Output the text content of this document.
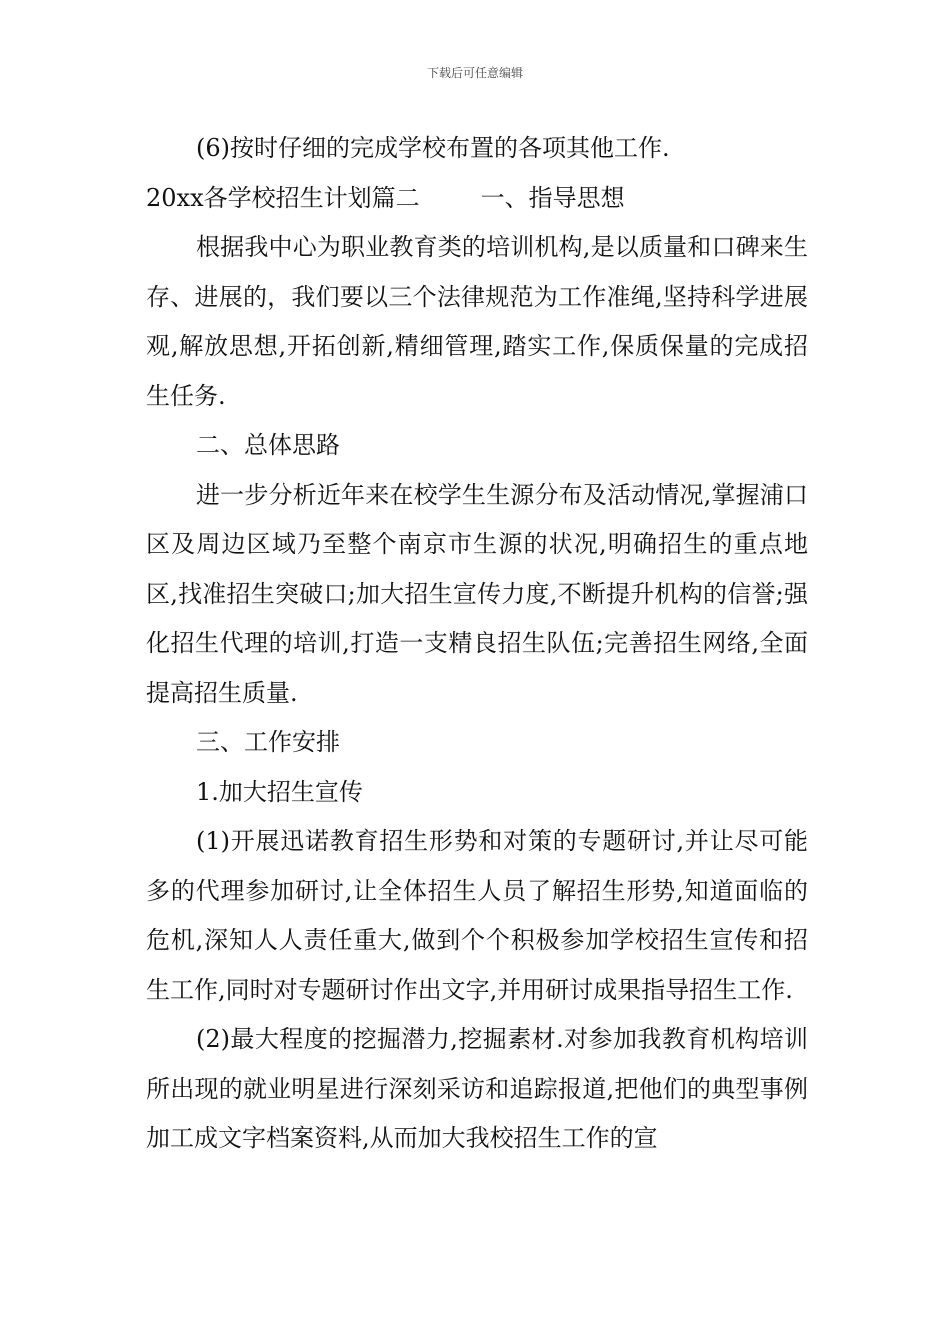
下载后可任意编辑

(6)按时仔细的完成学校布置的各项其他工作.

20xx各学校招生计划篇二        一、指导思想

根据我中心为职业教育类的培训机构,是以质量和口碑来生存、进展的，我们要以三个法律规范为工作准绳,坚持科学进展观,解放思想,开拓创新,精细管理,踏实工作,保质保量的完成招生任务.

二、总体思路

进一步分析近年来在校学生生源分布及活动情况,掌握浦口区及周边区域乃至整个南京市生源的状况,明确招生的重点地区,找准招生突破口;加大招生宣传力度,不断提升机构的信誉;强化招生代理的培训,打造一支精良招生队伍;完善招生网络,全面提高招生质量.

三、工作安排

1.加大招生宣传

(1)开展迅诺教育招生形势和对策的专题研讨,并让尽可能多的代理参加研讨,让全体招生人员了解招生形势,知道面临的危机,深知人人责任重大,做到个个积极参加学校招生宣传和招生工作,同时对专题研讨作出文字,并用研讨成果指导招生工作.

(2)最大程度的挖掘潜力,挖掘素材.对参加我教育机构培训所出现的就业明星进行深刻采访和追踪报道,把他们的典型事例加工成文字档案资料,从而加大我校招生工作的宣
